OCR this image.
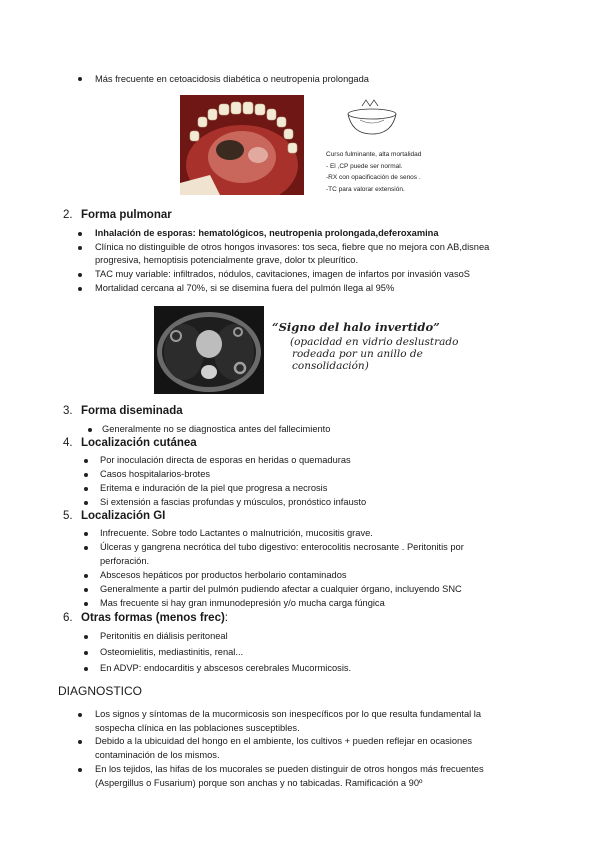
Más frecuente en cetoacidosis diabética o neutropenia prolongada
Curso fulminante, alta mortalidad
- El ,CP puede ser normal.
-RX con opacificación de senos .
-TC para valorar extensión.
2. Forma pulmonar
Inhalación de esporas: hematológicos, neutropenia prolongada,deferoxamina
Clínica no distinguible de otros hongos invasores: tos seca, fiebre que no mejora con AB,disnea
progresiva, hemoptisis potencialmente grave, dolor tx pleurítico.
TAC muy variable: infiltrados, nódulos, cavitaciones, imagen de infartos por invasión vasoS
Mortalidad cercana al 70%, si se disemina fuera del pulmón llega al 95%
“Signo del halo invertido”
(opacidad en vidrio deslustrado
rodeada por un anillo de
consolidación)
3. Forma diseminada
Generalmente no se diagnostica antes del fallecimiento
4. Localización cutánea
Por inoculación directa de esporas en heridas o quemaduras
Casos hospitalarios-brotes
Eritema e induración de la piel que progresa a necrosis
Si extensión a fascias profundas y músculos, pronóstico infausto
5. Localización GI
Infrecuente. Sobre todo Lactantes o malnutrición, mucositis grave.
Úlceras y gangrena necrótica del tubo digestivo: enterocolitis necrosante . Peritonitis por
perforación.
Abscesos hepáticos por productos herbolario contaminados
Generalmente a partir del pulmón pudiendo afectar a cualquier órgano, incluyendo SNC
Mas frecuente si hay gran inmunodepresión y/o mucha carga fúngica
6. Otras formas (menos frec):
Peritonitis en diálisis peritoneal
Osteomielitis, mediastinitis, renal...
En ADVP: endocarditis y abscesos cerebrales Mucormicosis.
DIAGNOSTICO
Los signos y síntomas de la mucormicosis son inespecíficos por lo que resulta fundamental la
sospecha clínica en las poblaciones susceptibles.
Debido a la ubicuidad del hongo en el ambiente, los cultivos + pueden reflejar en ocasiones
contaminación de los mismos.
En los tejidos, las hifas de los mucorales se pueden distinguir de otros hongos más frecuentes
(Aspergillus o Fusarium) porque son anchas y no tabicadas. Ramificación a 90º
